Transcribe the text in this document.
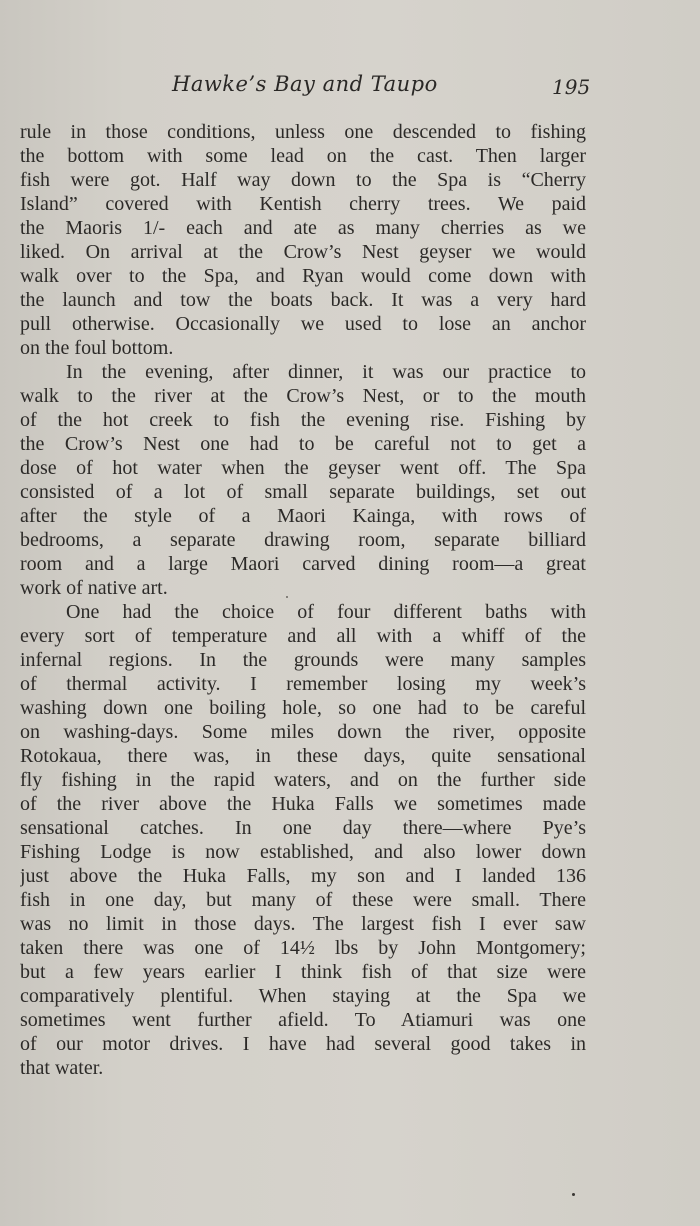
Hawke’s Bay and Taupo	195
rule in those conditions, unless one descended to fishing
the bottom with some lead on the cast. Then larger
fish were got. Half way down to the Spa is “Cherry
Island” covered with Kentish cherry trees. We paid
the Maoris 1/- each and ate as many cherries as we
liked. On arrival at the Crow’s Nest geyser we would
walk over to the Spa, and Ryan would come down with
the launch and tow the boats back. It was a very hard
pull otherwise. Occasionally we used to lose an anchor
on the foul bottom.
In the evening, after dinner, it was our practice to
walk to the river at the Crow’s Nest, or to the mouth
of the hot creek to fish the evening rise. Fishing by
the Crow’s Nest one had to be careful not to get a
dose of hot water when the geyser went off. The Spa
consisted of a lot of small separate buildings, set out
after the style of a Maori Kainga, with rows of
bedrooms, a separate drawing room, separate billiard
room and a large Maori carved dining room—a great
work of native art.
One had the choice of four different baths with
every sort of temperature and all with a whiff of the
infernal regions. In the grounds were many samples
of thermal activity. I remember losing my week’s
washing down one boiling hole, so one had to be careful
on washing-days. Some miles down the river, opposite
Rotokaua, there was, in these days, quite sensational
fly fishing in the rapid waters, and on the further side
of the river above the Huka Falls we sometimes made
sensational catches. In one day there—where Pye’s
Fishing Lodge is now established, and also lower down
just above the Huka Falls, my son and I landed 136
fish in one day, but many of these were small. There
was no limit in those days. The largest fish I ever saw
taken there was one of 14½ lbs by John Montgomery;
but a few years earlier I think fish of that size were
comparatively plentiful. When staying at the Spa we
sometimes went further afield. To Atiamuri was one
of our motor drives. I have had several good takes in
that water.
